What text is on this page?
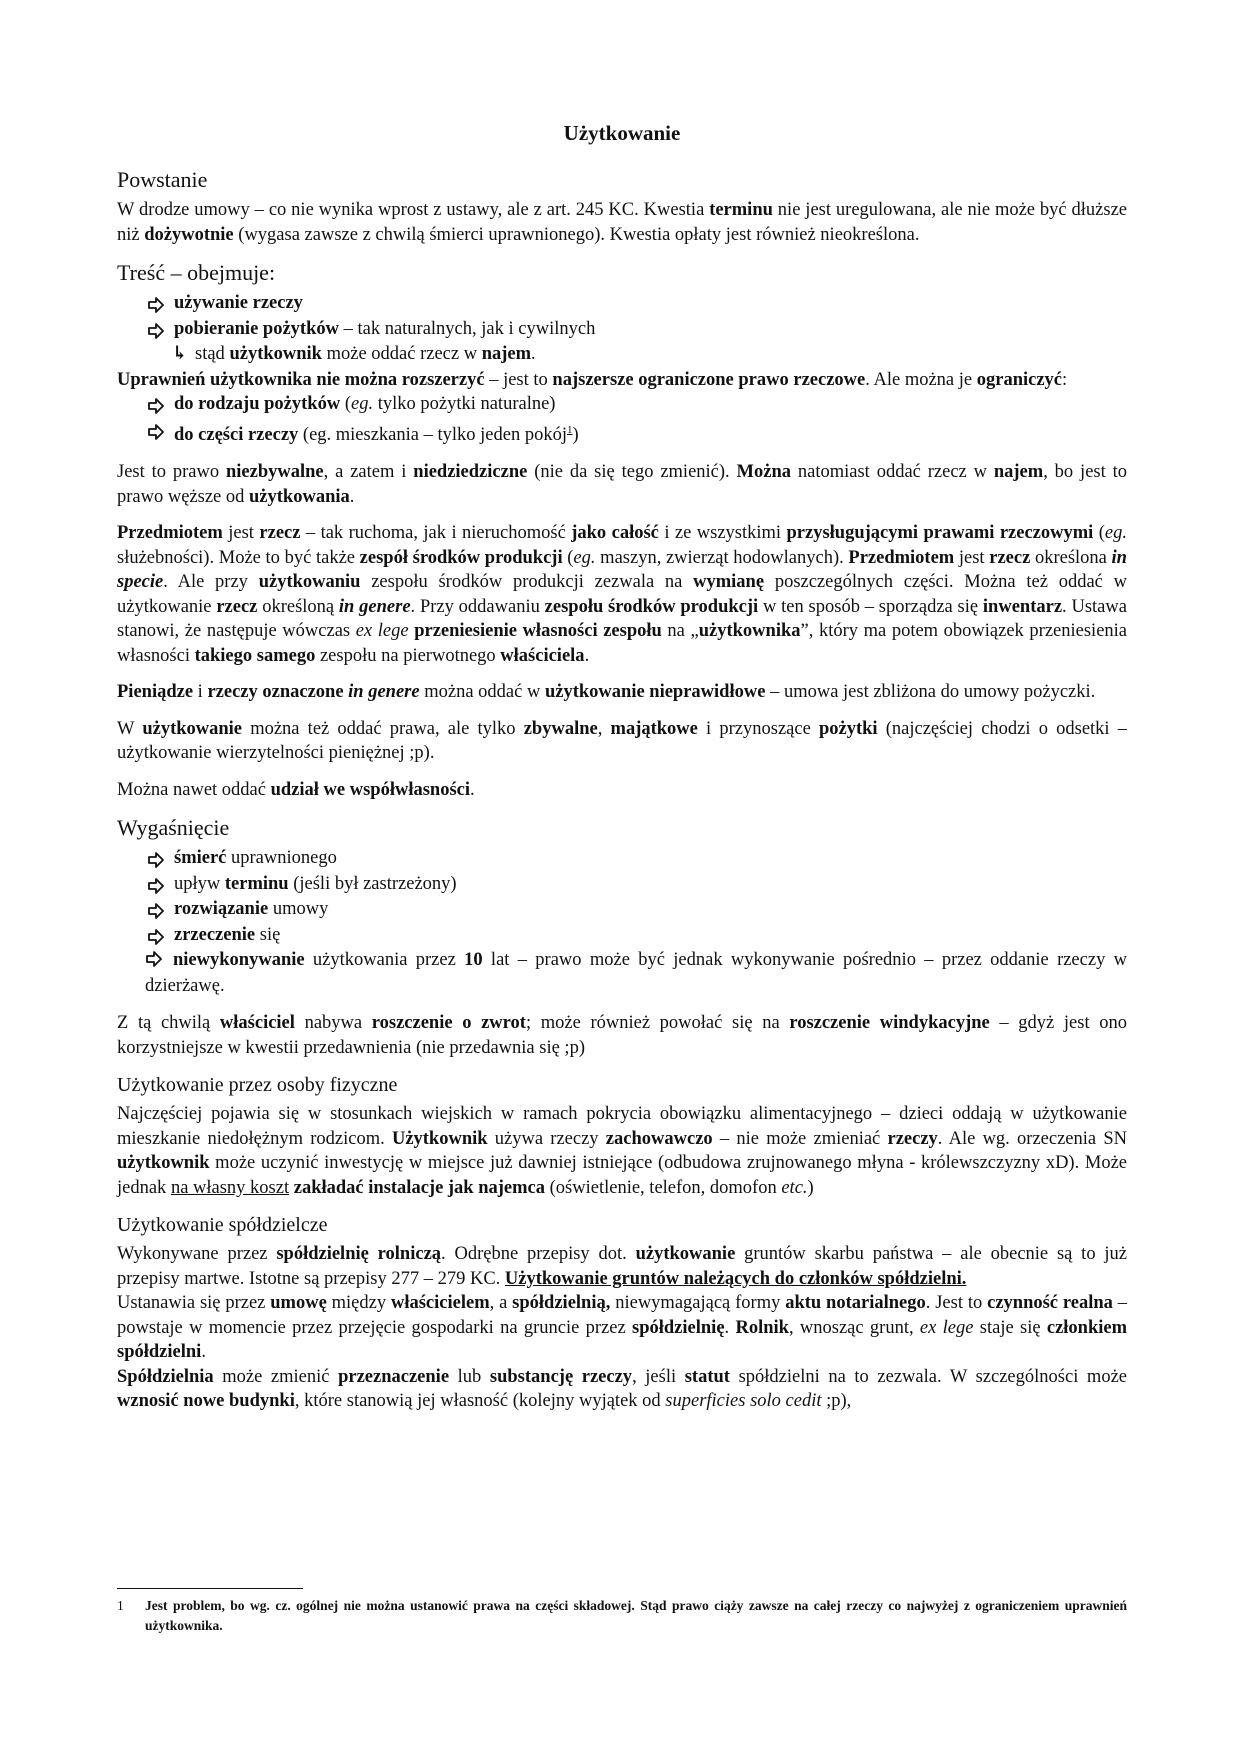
Użytkowanie
Powstanie
W drodze umowy – co nie wynika wprost z ustawy, ale z art. 245 KC. Kwestia terminu nie jest uregulowana, ale nie może być dłuższe niż dożywotnie (wygasa zawsze z chwilą śmierci uprawnionego). Kwestia opłaty jest również nieokreślona.
Treść – obejmuje:
używanie rzeczy
pobieranie pożytków – tak naturalnych, jak i cywilnych
↳ stąd użytkownik może oddać rzecz w najem.
Uprawnień użytkownika nie można rozszerzyć – jest to najszersze ograniczone prawo rzeczowe. Ale można je ograniczyć:
do rodzaju pożytków (eg. tylko pożytki naturalne)
do części rzeczy (eg. mieszkania – tylko jeden pokój$^1$)
Jest to prawo niezbywalne, a zatem i niedziedziczne (nie da się tego zmienić). Można natomiast oddać rzecz w najem, bo jest to prawo węższe od użytkowania.
Przedmiotem jest rzecz – tak ruchoma, jak i nieruchomość jako całość i ze wszystkimi przysługującymi prawami rzeczowymi (eg. służebności). Może to być także zespół środków produkcji (eg. maszyn, zwierząt hodowlanych). Przedmiotem jest rzecz określona in specie. Ale przy użytkowaniu zespołu środków produkcji zezwala na wymianę poszczególnych części. Można też oddać w użytkowanie rzecz określoną in genere. Przy oddawaniu zespołu środków produkcji w ten sposób – sporządza się inwentarz. Ustawa stanowi, że następuje wówczas ex lege przeniesienie własności zespołu na „użytkownika”, który ma potem obowiązek przeniesienia własności takiego samego zespołu na pierwotnego właściciela.
Pieniądze i rzeczy oznaczone in genere można oddać w użytkowanie nieprawidłowe – umowa jest zbliżona do umowy pożyczki.
W użytkowanie można też oddać prawa, ale tylko zbywalne, majątkowe i przynoszące pożytki (najczęściej chodzi o odsetki – użytkowanie wierzytelności pieniężnej ;p).
Można nawet oddać udział we współwłasności.
Wygaśnięcie
śmierć uprawnionego
upływ terminu (jeśli był zastrzeżony)
rozwiązanie umowy
zrzeczenie się
niewykonywanie użytkowania przez 10 lat – prawo może być jednak wykonywanie pośrednio – przez oddanie rzeczy w dzierżawę.
Z tą chwilą właściciel nabywa roszczenie o zwrot; może również powołać się na roszczenie windykacyjne – gdyż jest ono korzystniejsze w kwestii przedawnienia (nie przedawnia się ;p)
Użytkowanie przez osoby fizyczne
Najczęściej pojawia się w stosunkach wiejskich w ramach pokrycia obowiązku alimentacyjnego – dzieci oddają w użytkowanie mieszkanie niedołężnym rodzicom. Użytkownik używa rzeczy zachowawczo – nie może zmieniać rzeczy. Ale wg. orzeczenia SN użytkownik może uczynić inwestycję w miejsce już dawniej istniejące (odbudowa zrujnowanego młyna - królewszczyzny xD). Może jednak na własny koszt zakładać instalacje jak najemca (oświetlenie, telefon, domofon etc.)
Użytkowanie spółdzielcze
Wykonywane przez spółdzielnię rolniczą. Odrębne przepisy dot. użytkowanie gruntów skarbu państwa – ale obecnie są to już przepisy martwe. Istotne są przepisy 277 – 279 KC. Użytkowanie gruntów należących do członków spółdzielni.
Ustanawia się przez umowę między właścicielem, a spółdzielnią, niewymagającą formy aktu notarialnego. Jest to czynność realna – powstaje w momencie przez przejęcie gospodarki na gruncie przez spółdzielnię. Rolnik, wnosząc grunt, ex lege staje się członkiem spółdzielni.
Spółdzielnia może zmienić przeznaczenie lub substancję rzeczy, jeśli statut spółdzielni na to zezwala. W szczególności może wznosić nowe budynki, które stanowią jej własność (kolejny wyjątek od superficies solo cedit ;p),
1	Jest problem, bo wg. cz. ogólnej nie można ustanowić prawa na części składowej. Stąd prawo ciąży zawsze na całej rzeczy co najwyżej z ograniczeniem uprawnień użytkownika.
